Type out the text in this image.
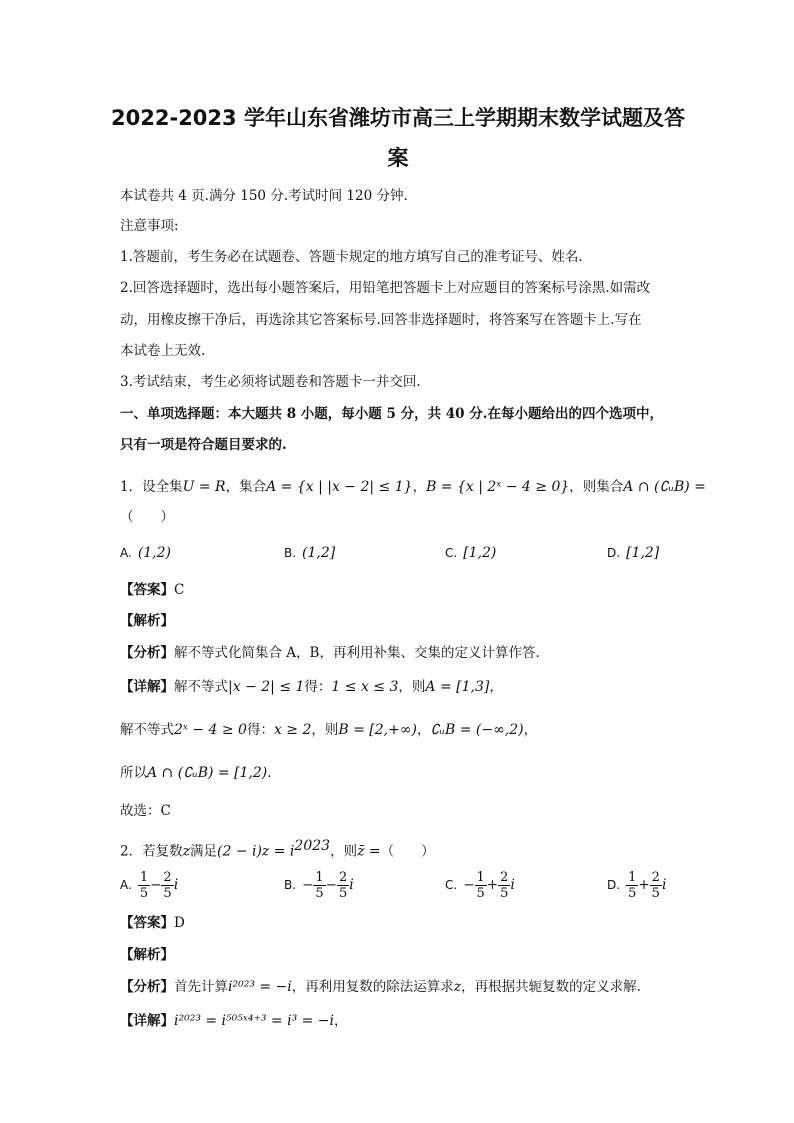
2022-2023 学年山东省潍坊市高三上学期期末数学试题及答
案
本试卷共 4 页.满分 150 分.考试时间 120 分钟.
注意事项:
1.答题前，考生务必在试题卷、答题卡规定的地方填写自己的准考证号、姓名.
2.回答选择题时，选出每小题答案后，用铅笔把答题卡上对应题目的答案标号涂黑.如需改
动，用橡皮擦干净后，再选涂其它答案标号.回答非选择题时，将答案写在答题卡上.写在
本试卷上无效.
3.考试结束，考生必须将试题卷和答题卡一并交回.
一、单项选择题：本大题共 8 小题，每小题 5 分，共 40 分.在每小题给出的四个选项中，
只有一项是符合题目要求的.
1．设全集U = R，集合A = {x | |x − 2| ≤ 1}，B = {x | 2ˣ − 4 ≥ 0}，则集合A ∩ (∁ᵤB) =
（　　）
A. (1,2)	B. (1,2]	C. [1,2)	D. [1,2]
【答案】C
【解析】
【分析】解不等式化简集合 A，B，再利用补集、交集的定义计算作答.
【详解】解不等式|x − 2| ≤ 1得：1 ≤ x ≤ 3，则A = [1,3]，
解不等式2ˣ − 4 ≥ 0得：x ≥ 2，则B = [2,+∞)，∁ᵤB = (−∞,2)，
所以A ∩ (∁ᵤB) = [1,2).
故选：C
2．若复数z满足$(2 - i)z = i^{2023}$，则z̄ =（　　）
A. $\frac{1}{5} - \frac{2}{5}$ i	B. − $\frac{1}{5} - \frac{2}{5}$ i	C. − $\frac{1}{5} + \frac{2}{5}$ i	D. $\frac{1}{5} + \frac{2}{5}$ i
【答案】D
【解析】
【分析】首先计算i²⁰²³ = −i，再利用复数的除法运算求z，再根据共轭复数的定义求解.
【详解】i²⁰²³ = i⁵⁰⁵ˣ⁴⁺³ = i³ = −i，
